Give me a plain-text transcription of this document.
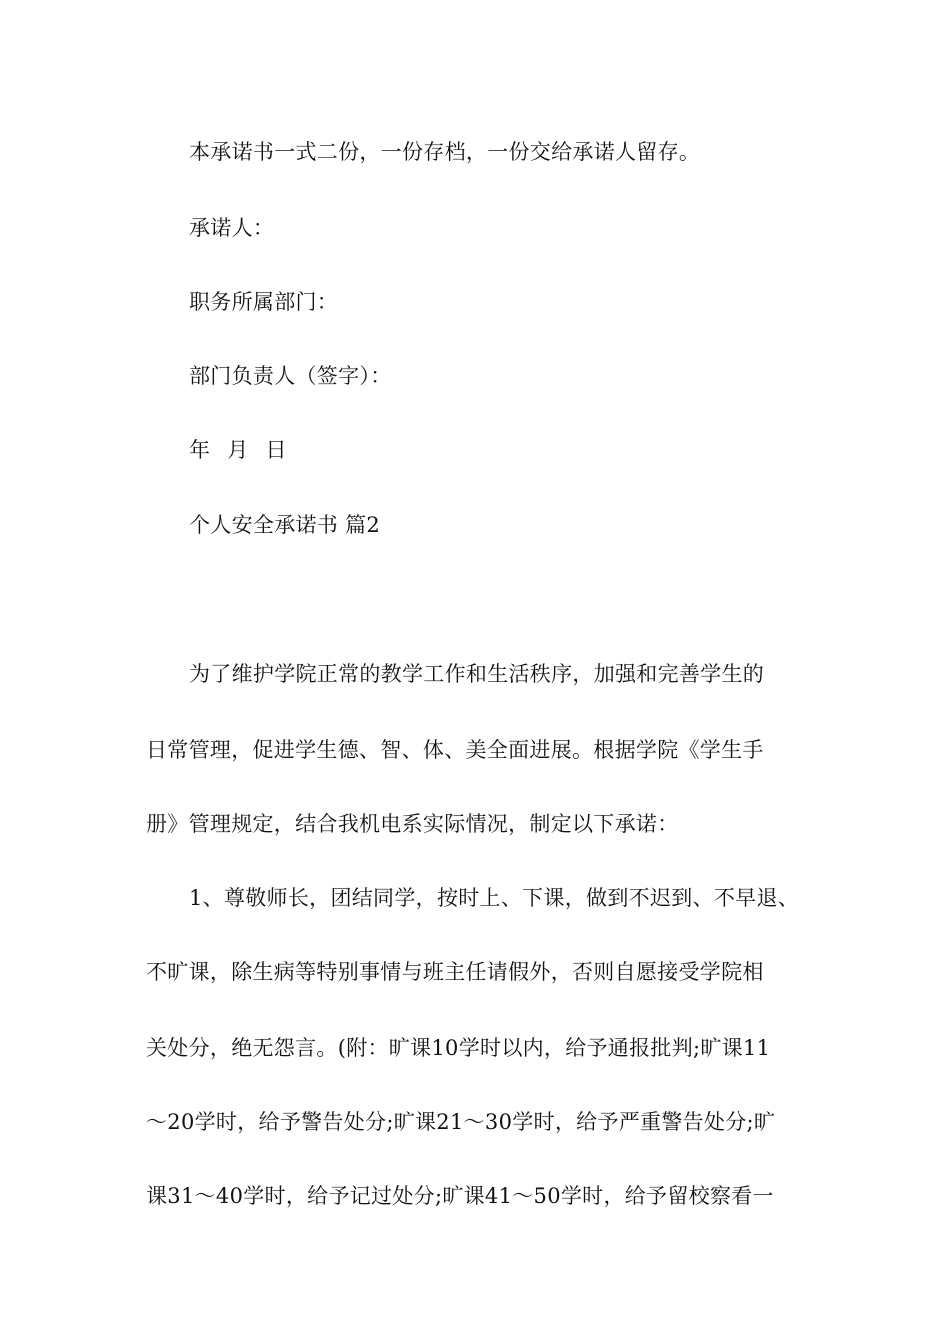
本承诺书一式二份，一份存档，一份交给承诺人留存。
承诺人：
职务所属部门：
部门负责人（签字）：
年 月 日
个人安全承诺书 篇2
为了维护学院正常的教学工作和生活秩序，加强和完善学生的
日常管理，促进学生德、智、体、美全面进展。根据学院《学生手
册》管理规定，结合我机电系实际情况，制定以下承诺：
1、尊敬师长，团结同学，按时上、下课，做到不迟到、不早退、
不旷课，除生病等特别事情与班主任请假外，否则自愿接受学院相
关处分，绝无怨言。(附：旷课10学时以内，给予通报批判;旷课11
～20学时，给予警告处分;旷课21～30学时，给予严重警告处分;旷
课31～40学时，给予记过处分;旷课41～50学时，给予留校察看一
